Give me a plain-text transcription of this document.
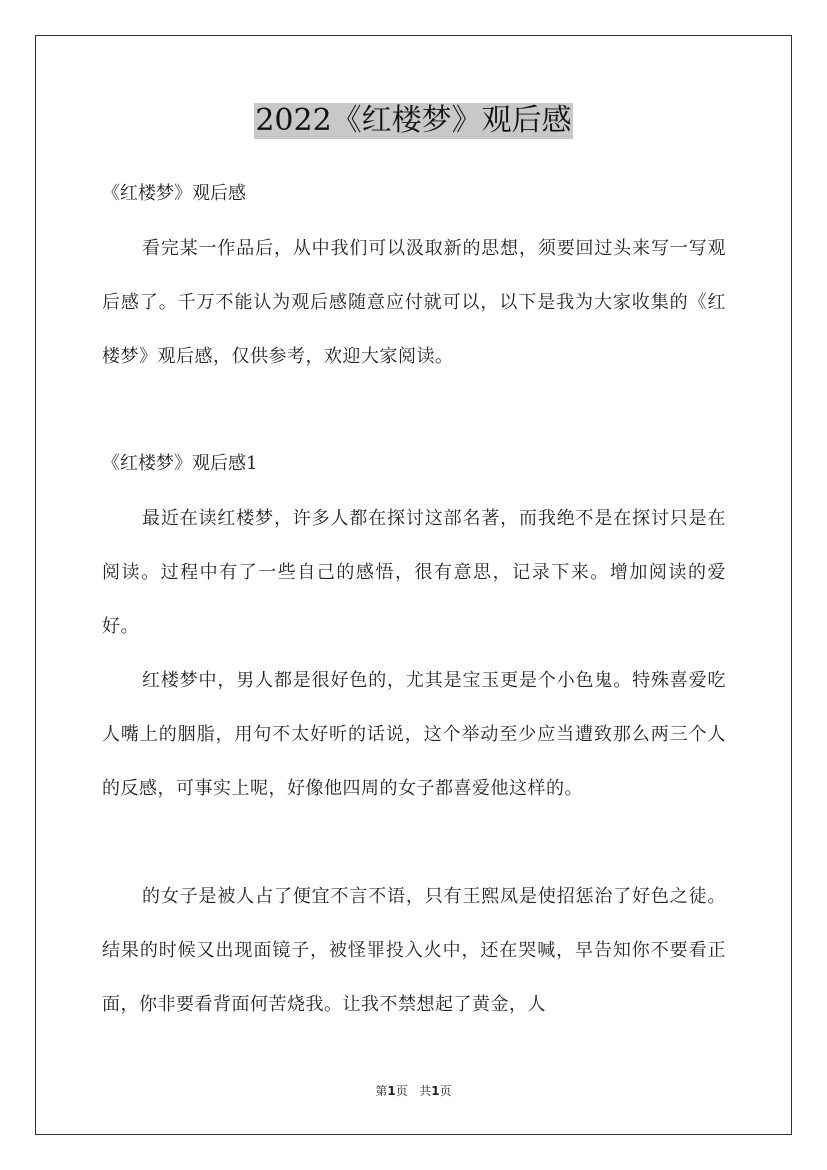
2022《红楼梦》观后感

《红楼梦》观后感

看完某一作品后，从中我们可以汲取新的思想，须要回过头来写一写观后感了。千万不能认为观后感随意应付就可以，以下是我为大家收集的《红楼梦》观后感，仅供参考，欢迎大家阅读。

《红楼梦》观后感1

最近在读红楼梦，许多人都在探讨这部名著，而我绝不是在探讨只是在阅读。过程中有了一些自己的感悟，很有意思，记录下来。增加阅读的爱好。

红楼梦中，男人都是很好色的，尤其是宝玉更是个小色鬼。特殊喜爱吃人嘴上的胭脂，用句不太好听的话说，这个举动至少应当遭致那么两三个人的反感，可事实上呢，好像他四周的女子都喜爱他这样的。

的女子是被人占了便宜不言不语，只有王熙凤是使招惩治了好色之徒。结果的时候又出现面镜子，被怪罪投入火中，还在哭喊，早告知你不要看正面，你非要看背面何苦烧我。让我不禁想起了黄金，人

第1页 共1页
